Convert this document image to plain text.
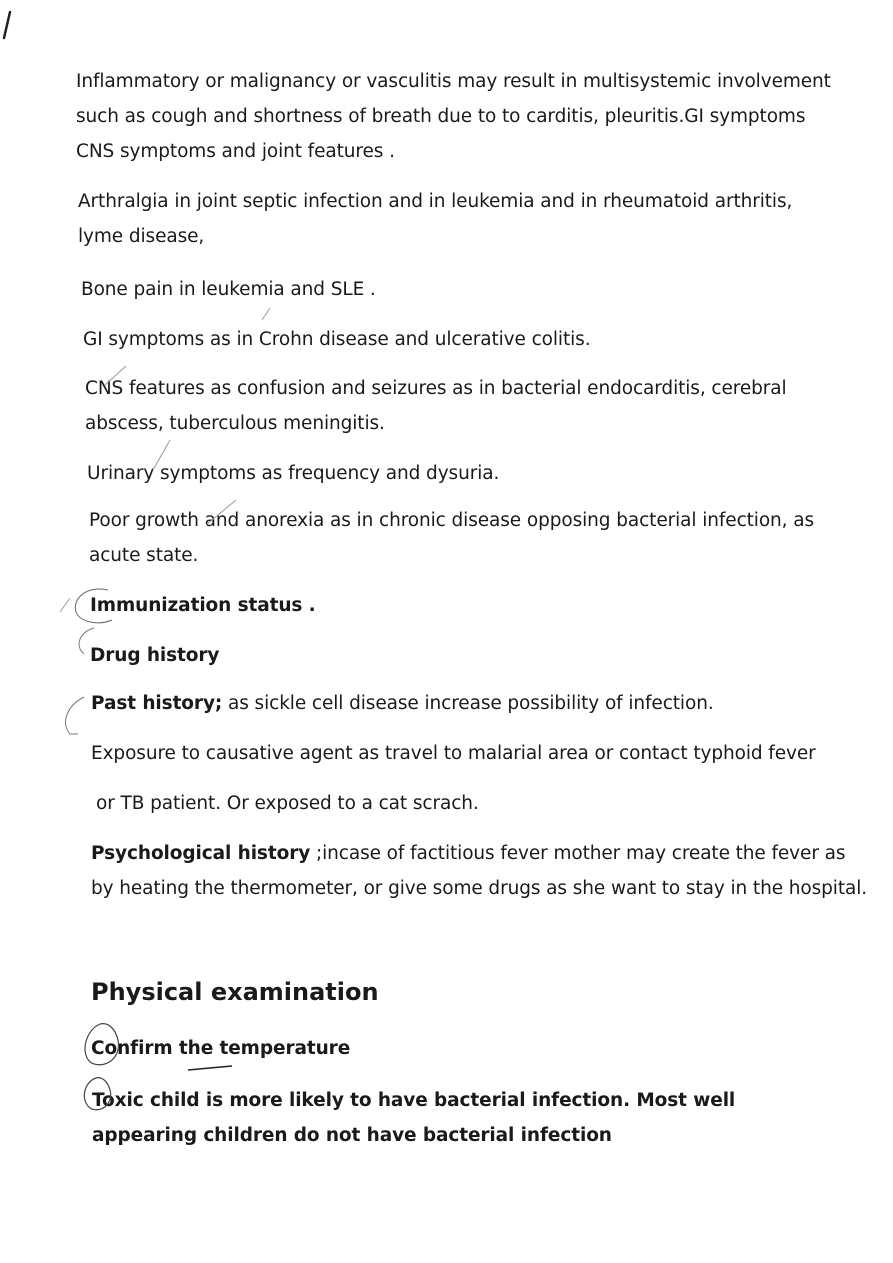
Inflammatory or malignancy or vasculitis may result in multisystemic involvement such as cough and shortness of breath due to to carditis, pleuritis.GI symptoms CNS symptoms and joint features .

Arthralgia in joint septic infection and in leukemia and in rheumatoid arthritis, lyme disease,

Bone pain in leukemia and SLE .

GI symptoms as in Crohn disease and ulcerative colitis.

CNS features as confusion and seizures as in bacterial endocarditis, cerebral abscess, tuberculous meningitis.

Urinary symptoms as frequency and dysuria.

Poor growth and anorexia as in chronic disease opposing bacterial infection, as acute state.

Immunization status .

Drug history

Past history; as sickle cell disease increase possibility of infection.

Exposure to causative agent as travel to malarial area or contact typhoid fever

or TB patient. Or exposed to a cat scrach.

Psychological history ;incase of factitious fever mother may create the fever as by heating the thermometer, or give some drugs as she want to stay in the hospital.

Physical examination

Confirm the temperature

Toxic child is more likely to have bacterial infection. Most well appearing children do not have bacterial infection
